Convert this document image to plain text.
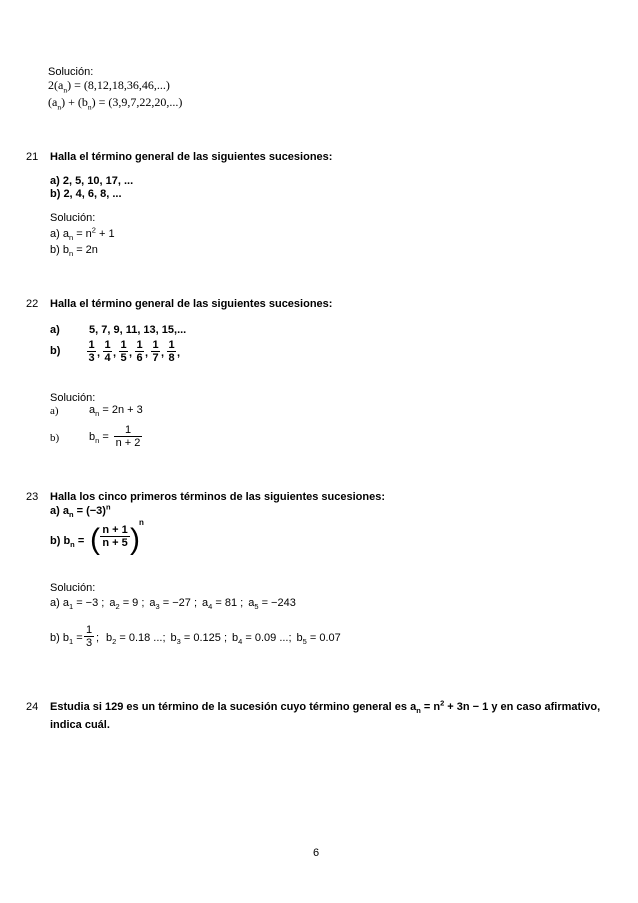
Solución:
$2(a_n) = (8,12,18,36,46,...)$
$(a_n) + (b_n) = (3,9,7,22,20,...)$
21 Halla el término general de las siguientes sucesiones:
a) 2, 5, 10, 17, ...
b) 2, 4, 6, 8, ...
Solución:
a) $a_n = n^2 + 1$
b) $b_n = 2n$
22 Halla el término general de las siguientes sucesiones:
a)	5, 7, 9, 11, 13, 15,...
b)	1
3 ,
1
4 ,
1
5 ,
1
6 ,
1
7 ,
1
8 ,
Solución:
a)	$a_n = 2n + 3$
b)	$b_n$ =
1
n + 2
23 Halla los cinco primeros términos de las siguientes sucesiones:
a) $a_n = (-3)^n$
b) $b_n$ = ( n + 1
n + 5 )
n
Solución:
a) $a_1 = -3$ ; $a_2 = 9$ ; $a_3 = -27$ ; $a_4 = 81$ ; $a_5 = -243$
b) $b_1$ =
1
3 ; $b_2 = 0.18$ ...; $b_3 = 0.125$ ; $b_4 = 0.09$ ...; $b_5 = 0.07$
24 Estudia si 129 es un término de la sucesión cuyo término general es $a_n = n^2 + 3n - 1$ y en caso afirmativo,
indica cuál.
6
